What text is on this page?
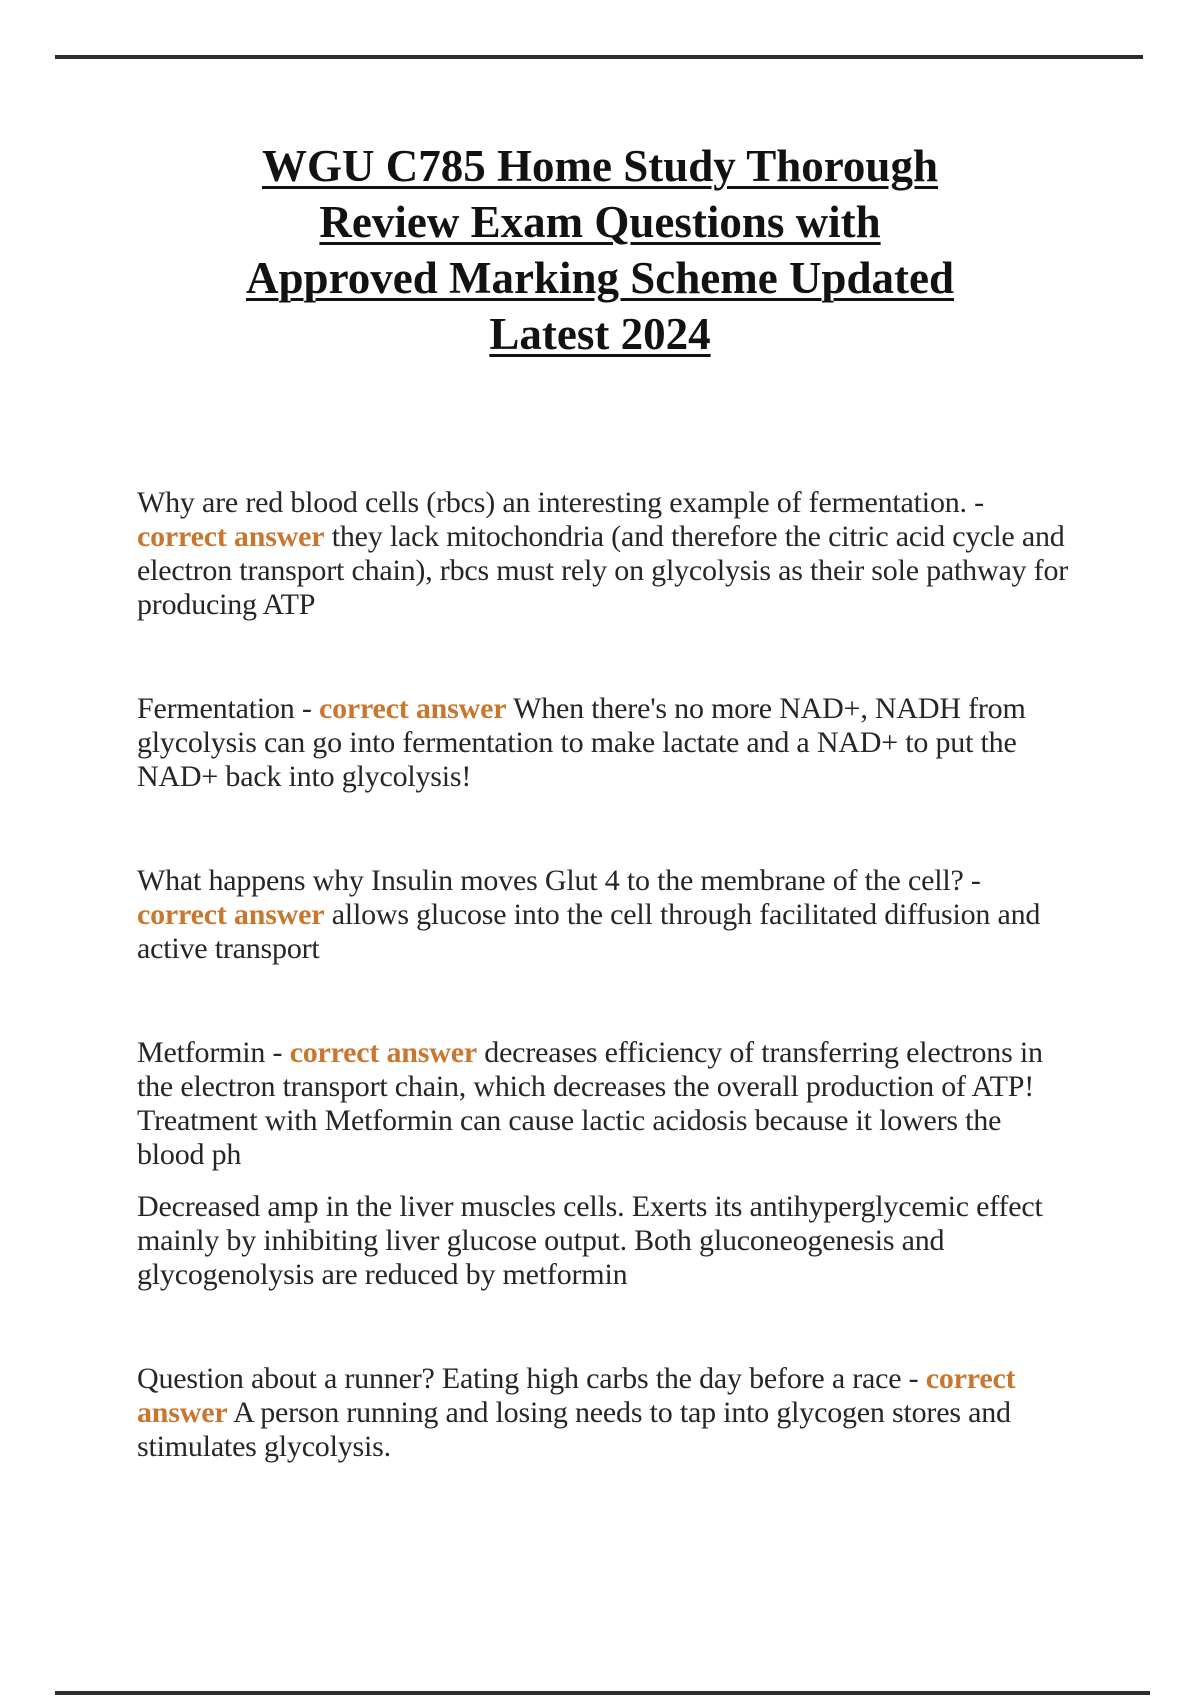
WGU C785 Home Study Thorough
Review Exam Questions with
Approved Marking Scheme Updated
Latest 2024

Why are red blood cells (rbcs) an interesting example of fermentation. - correct answer they lack mitochondria (and therefore the citric acid cycle and electron transport chain), rbcs must rely on glycolysis as their sole pathway for producing ATP

Fermentation - correct answer When there's no more NAD+, NADH from glycolysis can go into fermentation to make lactate and a NAD+ to put the NAD+ back into glycolysis!

What happens why Insulin moves Glut 4 to the membrane of the cell? - correct answer allows glucose into the cell through facilitated diffusion and active transport

Metformin - correct answer decreases efficiency of transferring electrons in the electron transport chain, which decreases the overall production of ATP! Treatment with Metformin can cause lactic acidosis because it lowers the blood ph

Decreased amp in the liver muscles cells. Exerts its antihyperglycemic effect mainly by inhibiting liver glucose output. Both gluconeogenesis and glycogenolysis are reduced by metformin

Question about a runner? Eating high carbs the day before a race - correct answer A person running and losing needs to tap into glycogen stores and stimulates glycolysis.
